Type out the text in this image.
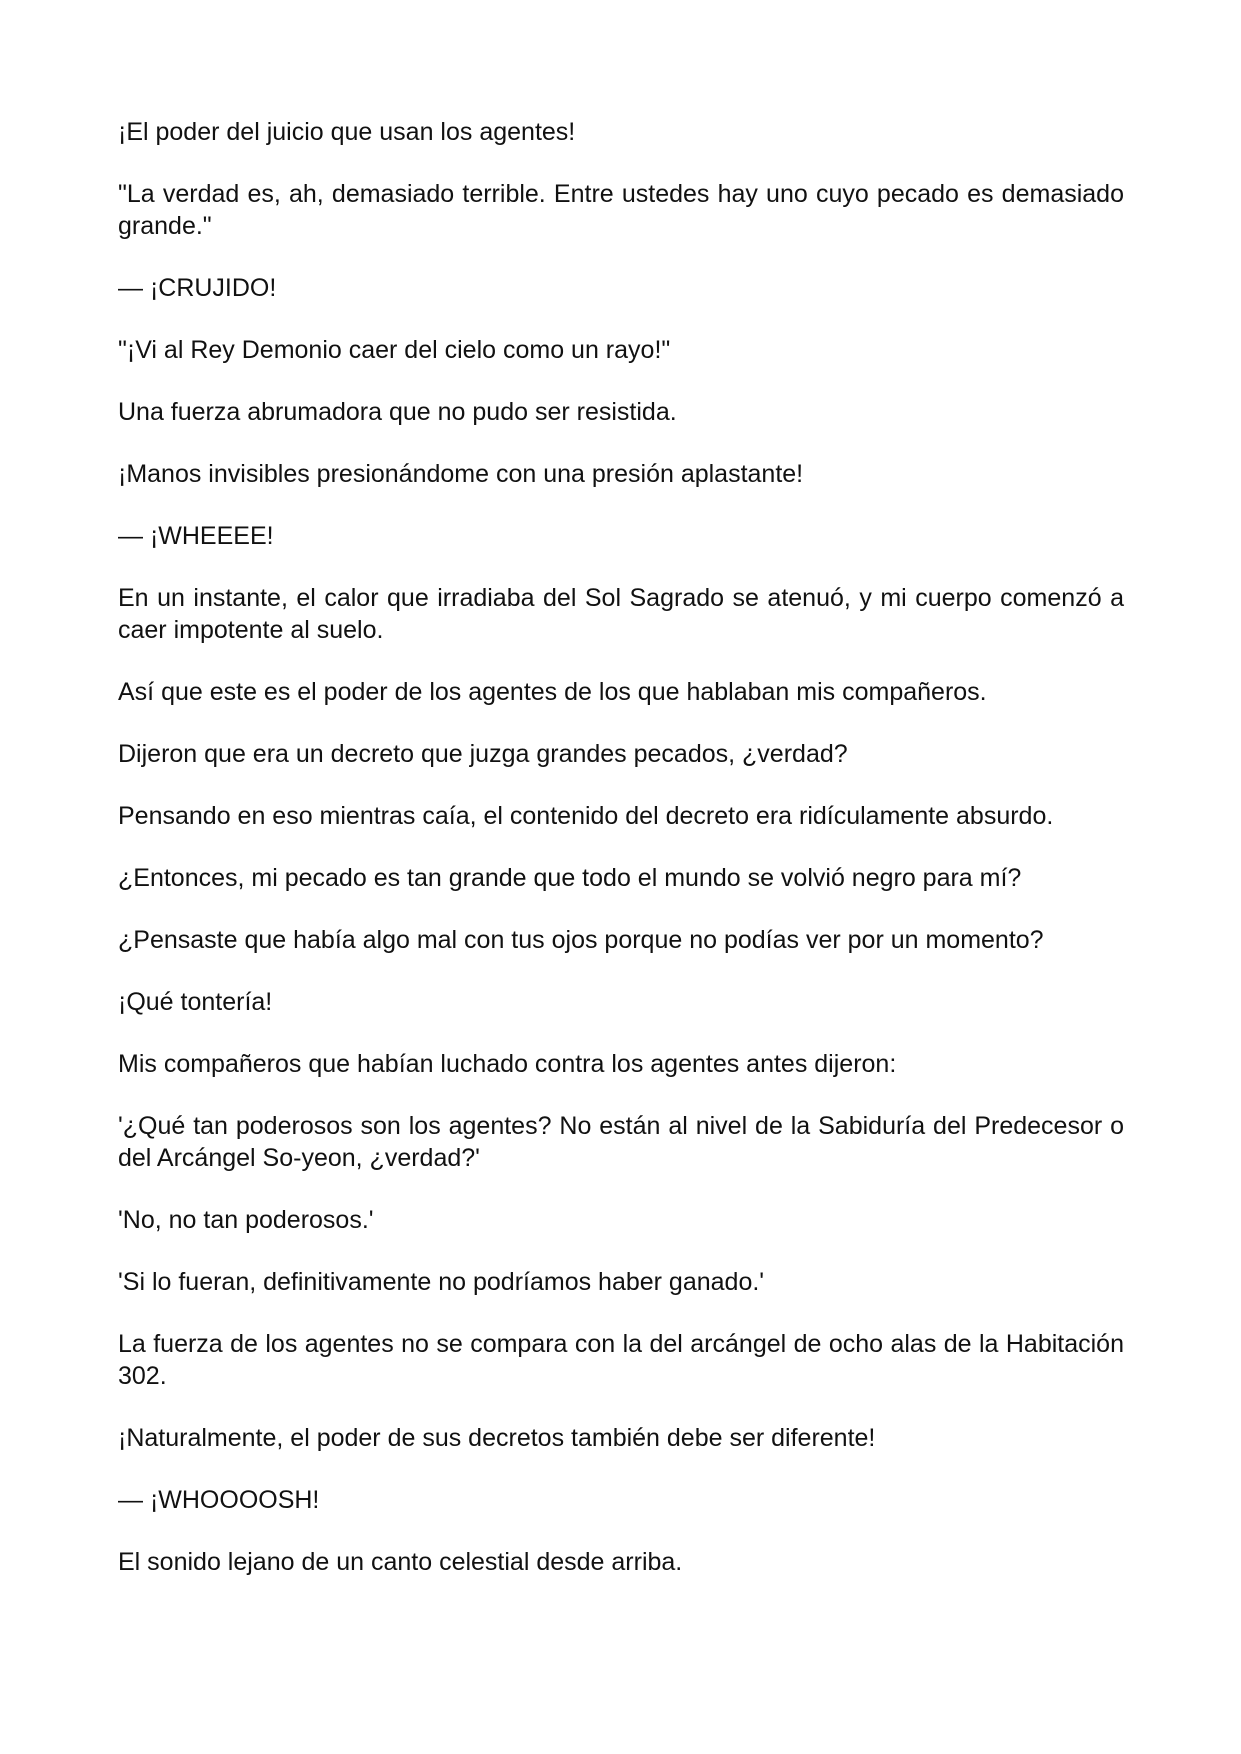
¡El poder del juicio que usan los agentes!

"La verdad es, ah, demasiado terrible. Entre ustedes hay uno cuyo pecado es demasiado grande."

— ¡CRUJIDO!

"¡Vi al Rey Demonio caer del cielo como un rayo!"

Una fuerza abrumadora que no pudo ser resistida.

¡Manos invisibles presionándome con una presión aplastante!

— ¡WHEEEE!

En un instante, el calor que irradiaba del Sol Sagrado se atenuó, y mi cuerpo comenzó a caer impotente al suelo.

Así que este es el poder de los agentes de los que hablaban mis compañeros.

Dijeron que era un decreto que juzga grandes pecados, ¿verdad?

Pensando en eso mientras caía, el contenido del decreto era ridículamente absurdo.

¿Entonces, mi pecado es tan grande que todo el mundo se volvió negro para mí?

¿Pensaste que había algo mal con tus ojos porque no podías ver por un momento?

¡Qué tontería!

Mis compañeros que habían luchado contra los agentes antes dijeron:

'¿Qué tan poderosos son los agentes? No están al nivel de la Sabiduría del Predecesor o del Arcángel So-yeon, ¿verdad?'

'No, no tan poderosos.'

'Si lo fueran, definitivamente no podríamos haber ganado.'

La fuerza de los agentes no se compara con la del arcángel de ocho alas de la Habitación 302.

¡Naturalmente, el poder de sus decretos también debe ser diferente!

— ¡WHOOOOSH!

El sonido lejano de un canto celestial desde arriba.
